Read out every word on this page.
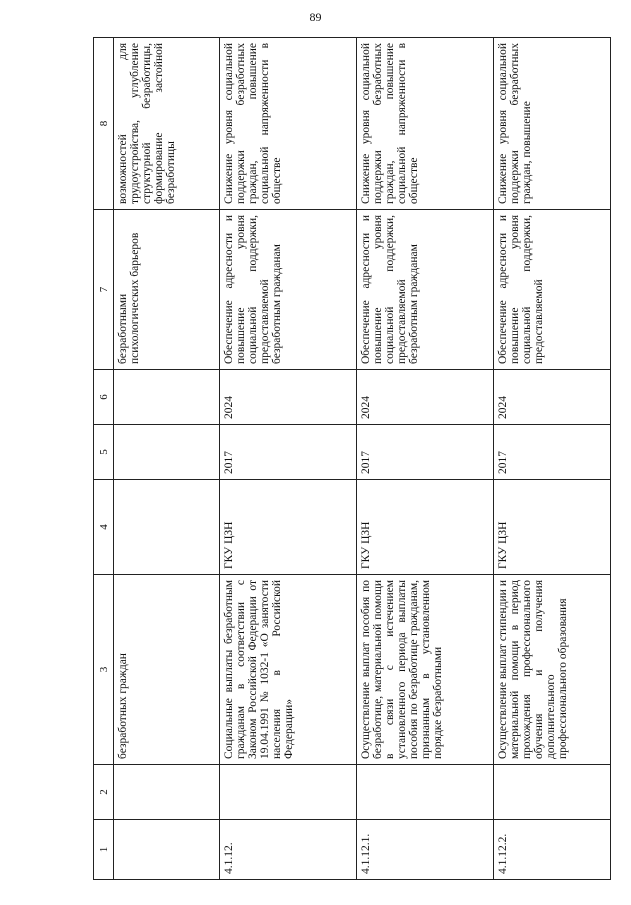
89
1	2	3	4	5	6	7	8
		безработных граждан				безработными психологических барьеров	возможностей для трудоустройства, углубление структурной безработицы, формирование застойной безработицы
4.1.12.		Социальные выплаты безработным гражданам в соответствии с Законом Российской Федерации от 19.04.1991 № 1032-1 «О занятости населения в Российской Федерации»	ГКУ ЦЗН	2017	2024	Обеспечение адресности и повышение уровня социальной поддержки, предоставляемой безработным гражданам	Снижение уровня социальной поддержки безработных граждан, повышение социальной напряженности в обществе
4.1.12.1.		Осуществление выплат пособия по безработице, материальной помощи в связи с истечением установленного периода выплаты пособия по безработице гражданам, признанным в установленном порядке безработными	ГКУ ЦЗН	2017	2024	Обеспечение адресности и повышение уровня социальной поддержки, предоставляемой безработным гражданам	Снижение уровня социальной поддержки безработных граждан, повышение социальной напряженности в обществе
4.1.12.2.		Осуществление выплат стипендии и материальной помощи в период прохождения профессионального обучения и получения дополнительного профессионального образования	ГКУ ЦЗН	2017	2024	Обеспечение адресности и повышение уровня социальной поддержки, предоставляемой	Снижение уровня социальной поддержки безработных граждан, повышение
